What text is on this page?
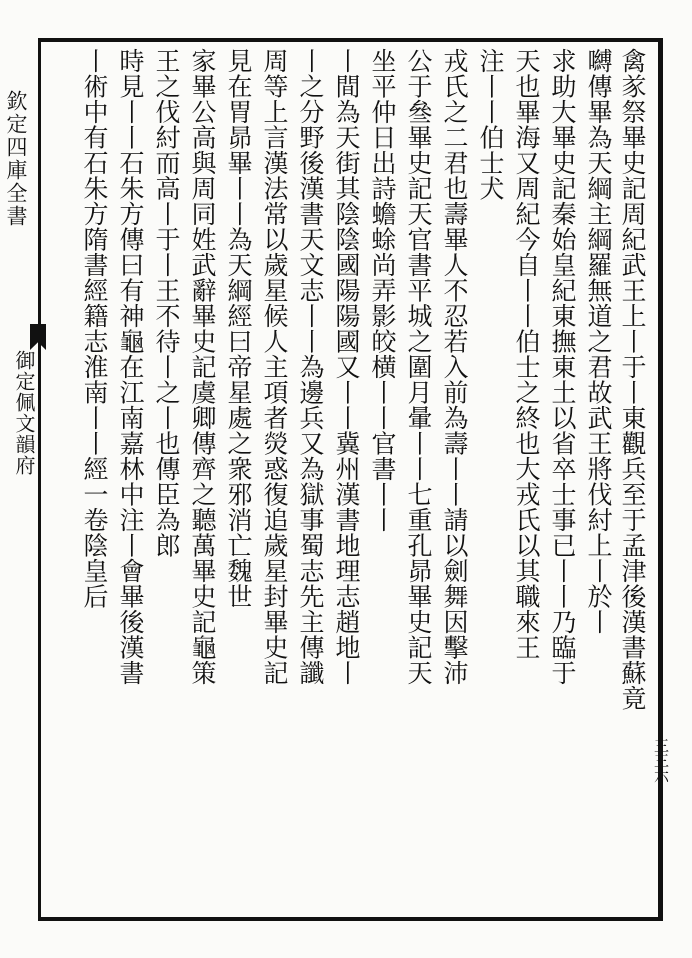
欽定四庫全書
御定佩文韻府
三三六
禽㒸祭畢史記周紀武王上丨于丨東觀兵至于孟津後漢書蘇竟
嚩傳畢為天綱主綱羅無道之君故武王將伐紂上丨於丨
求助大畢史記秦始皇紀東撫東土以省卒士事已丨丨乃臨于
天也畢海又周紀今自丨丨伯士之終也大戎氏以其職來王
注丨丨伯士犬
戎氏之二君也壽畢人不忍若入前為壽丨丨請以劍舞因擊沛
公于叄畢史記天官書平城之圍月暈丨丨七重孔昴畢史記天
坐平仲日出詩蟾蜍尚弄影皎横丨丨官書丨丨
丨間為天街其陰陰國陽陽國又丨丨冀州漢書地理志趙地丨
丨之分野後漢書天文志丨丨為邊兵又為獄事蜀志先主傳讖
周等上言漢法常以歲星候人主項者熒惑復追歲星封畢史記
見在胃昴畢丨丨為天綱經曰帝星處之衆邪消亡魏世
家畢公高與周同姓武辭畢史記虞卿傳齊之聽萬畢史記龜策
王之伐紂而高丨于丨王不待丨之丨也傳臣為郎
時見丨丨石朱方傳曰有神龜在江南嘉林中注丨會畢後漢書
丨術中有石朱方隋書經籍志淮南丨丨經一卷陰皇后
